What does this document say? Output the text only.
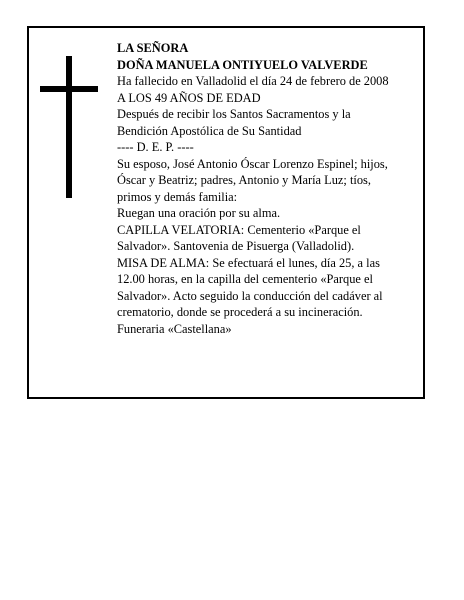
LA SEÑORA
DOÑA MANUELA ONTIYUELO VALVERDE
Ha fallecido en Valladolid el día 24 de febrero de 2008
A LOS 49 AÑOS DE EDAD
Después de recibir los Santos Sacramentos y la
Bendición Apostólica de Su Santidad
---- D. E. P. ----
Su esposo, José Antonio Óscar Lorenzo Espinel; hijos,
Óscar y Beatriz; padres, Antonio y María Luz; tíos,
primos y demás familia:
Ruegan una oración por su alma.
CAPILLA VELATORIA: Cementerio «Parque el
Salvador». Santovenia de Pisuerga (Valladolid).
MISA DE ALMA: Se efectuará el lunes, día 25, a las
12.00 horas, en la capilla del cementerio «Parque el
Salvador». Acto seguido la conducción del cadáver al
crematorio, donde se procederá a su incineración.
Funeraria «Castellana»
